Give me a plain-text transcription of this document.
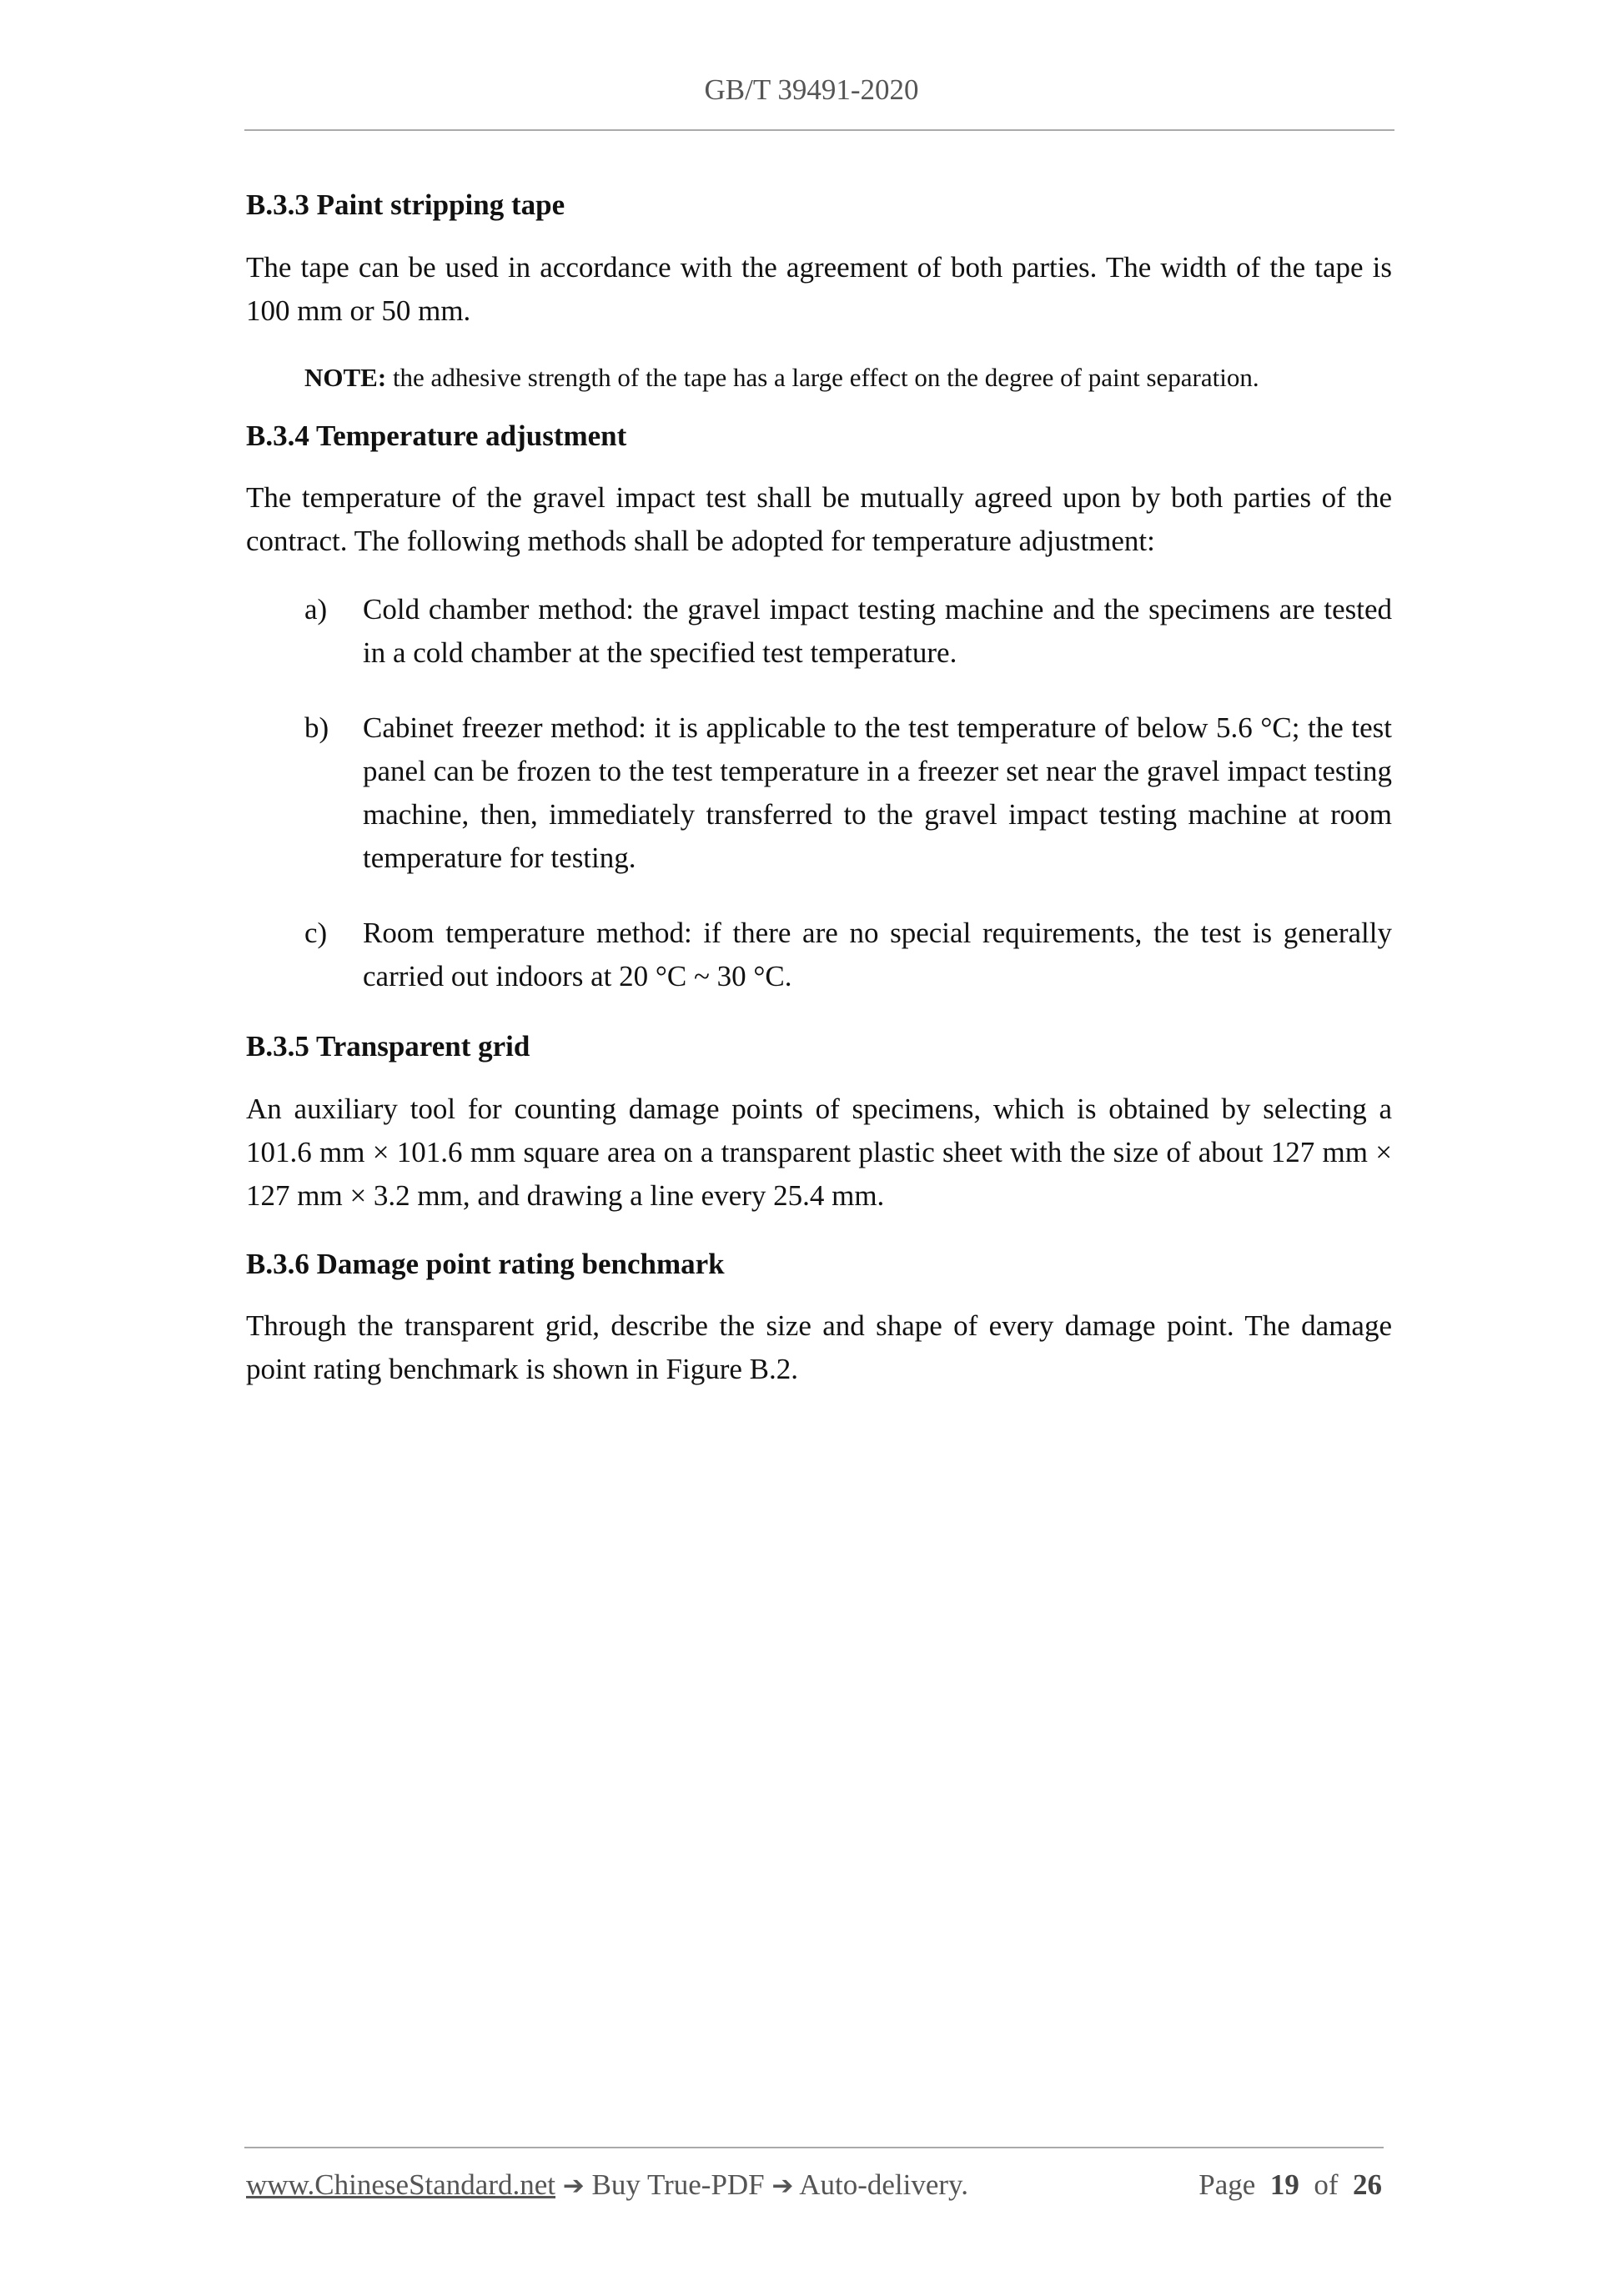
GB/T 39491-2020
B.3.3 Paint stripping tape

The tape can be used in accordance with the agreement of both parties. The width of the tape is 100 mm or 50 mm.

NOTE: the adhesive strength of the tape has a large effect on the degree of paint separation.

B.3.4 Temperature adjustment

The temperature of the gravel impact test shall be mutually agreed upon by both parties of the contract. The following methods shall be adopted for temperature adjustment:

a)	Cold chamber method: the gravel impact testing machine and the specimens are tested in a cold chamber at the specified test temperature.
b)	Cabinet freezer method: it is applicable to the test temperature of below 5.6 °C; the test panel can be frozen to the test temperature in a freezer set near the gravel impact testing machine, then, immediately transferred to the gravel impact testing machine at room temperature for testing.
c)	Room temperature method: if there are no special requirements, the test is generally carried out indoors at 20 °C ~ 30 °C.
B.3.5 Transparent grid

An auxiliary tool for counting damage points of specimens, which is obtained by selecting a 101.6 mm × 101.6 mm square area on a transparent plastic sheet with the size of about 127 mm × 127 mm × 3.2 mm, and drawing a line every 25.4 mm.

B.3.6 Damage point rating benchmark

Through the transparent grid, describe the size and shape of every damage point. The damage point rating benchmark is shown in Figure B.2.

www.ChineseStandard.net ➔ Buy True-PDF ➔ Auto-delivery.	Page 19 of 26
